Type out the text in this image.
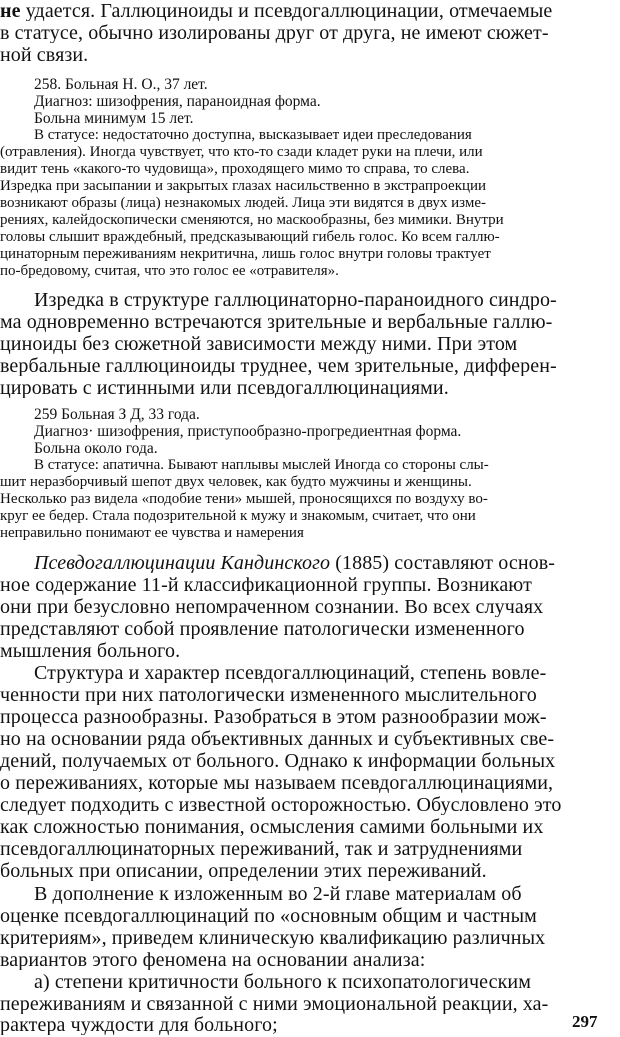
не удается. Галлюциноиды и псевдогаллюцинации, отмечаемые
в статусе, обычно изолированы друг от друга, не имеют сюжет-
ной связи.
258. Больная Н. О., 37 лет.
Диагноз: шизофрения, параноидная форма.
Больна минимум 15 лет.
В статусе: недостаточно доступна, высказывает идеи преследования
(отравления). Иногда чувствует, что кто-то сзади кладет руки на плечи, или
видит тень «какого-то чудовища», проходящего мимо то справа, то слева.
Изредка при засыпании и закрытых глазах насильственно в экстрапроекции
возникают образы (лица) незнакомых людей. Лица эти видятся в двух изме-
рениях, калейдоскопически сменяются, но маскообразны, без мимики. Внутри
головы слышит враждебный, предсказывающий гибель голос. Ко всем галлю-
цинаторным переживаниям некритична, лишь голос внутри головы трактует
по-бредовому, считая, что это голос ее «отравителя».
Изредка в структуре галлюцинаторно-параноидного синдро-
ма одновременно встречаются зрительные и вербальные галлю-
циноиды без сюжетной зависимости между ними. При этом
вербальные галлюциноиды труднее, чем зрительные, дифферен-
цировать с истинными или псевдогаллюцинациями.
259 Больная З Д, 33 года.
Диагноз· шизофрения, приступообразно-прогредиентная форма.
Больна около года.
В статусе: апатична. Бывают наплывы мыслей Иногда со стороны слы-
шит неразборчивый шепот двух человек, как будто мужчины и женщины.
Несколько раз видела «подобие тени» мышей, проносящихся по воздуху во-
круг ее бедер. Стала подозрительной к мужу и знакомым, считает, что они
неправильно понимают ее чувства и намерения
Псевдогаллюцинации Кандинского (1885) составляют основ-
ное содержание 11-й классификационной группы. Возникают
они при безусловно непомраченном сознании. Во всех случаях
представляют собой проявление патологически измененного
мышления больного.
Структура и характер псевдогаллюцинаций, степень вовле-
ченности при них патологически измененного мыслительного
процесса разнообразны. Разобраться в этом разнообразии мож-
но на основании ряда объективных данных и субъективных све-
дений, получаемых от больного. Однако к информации больных
о переживаниях, которые мы называем псевдогаллюцинациями,
следует подходить с известной осторожностью. Обусловлено это
как сложностью понимания, осмысления самими больными их
псевдогаллюцинаторных переживаний, так и затруднениями
больных при описании, определении этих переживаний.
В дополнение к изложенным во 2-й главе материалам об
оценке псевдогаллюцинаций по «основным общим и частным
критериям», приведем клиническую квалификацию различных
вариантов этого феномена на основании анализа:
а) степени критичности больного к психопатологическим
переживаниям и связанной с ними эмоциональной реакции, ха-
рактера чуждости для больного;	297
